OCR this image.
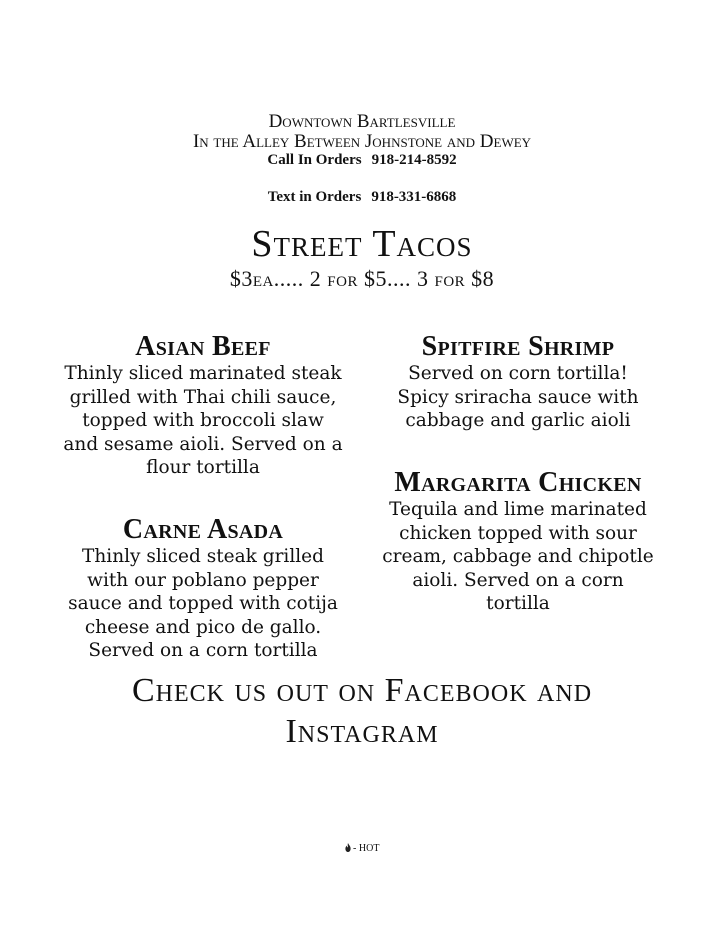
Downtown Bartlesville
In the Alley Between Johnstone and Dewey
Call In Orders 918-214-8592
Text in Orders 918-331-6868
Street Tacos
$3ea..... 2 for $5.... 3 for $8
Asian Beef
Thinly sliced marinated steak grilled with Thai chili sauce, topped with broccoli slaw and sesame aioli. Served on a flour tortilla
Carne Asada
Thinly sliced steak grilled with our poblano pepper sauce and topped with cotija cheese and pico de gallo. Served on a corn tortilla
Spitfire Shrimp
Served on corn tortilla! Spicy sriracha sauce with cabbage and garlic aioli
Margarita Chicken
Tequila and lime marinated chicken topped with sour cream, cabbage and chipotle aioli. Served on a corn tortilla
Check us out on Facebook and
Instagram
- HOT
